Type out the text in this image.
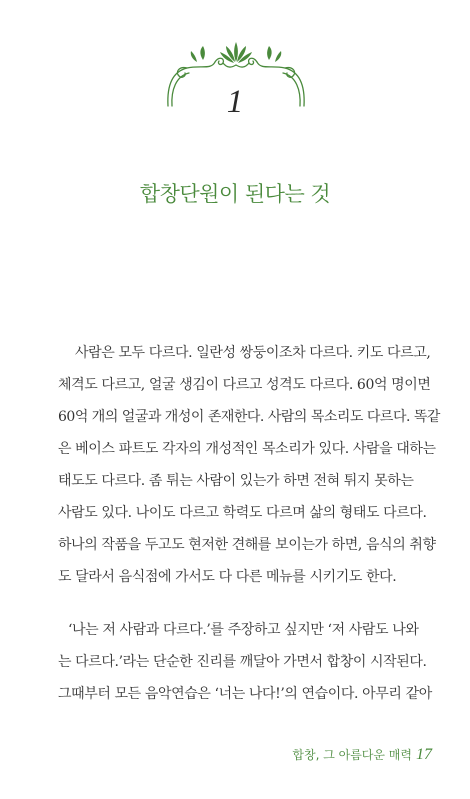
1
합창단원이 된다는 것
사람은 모두 다르다. 일란성 쌍둥이조차 다르다. 키도 다르고,
체격도 다르고, 얼굴 생김이 다르고 성격도 다르다. 60억 명이면
60억 개의 얼굴과 개성이 존재한다. 사람의 목소리도 다르다. 똑같
은 베이스 파트도 각자의 개성적인 목소리가 있다. 사람을 대하는
태도도 다르다. 좀 튀는 사람이 있는가 하면 전혀 튀지 못하는
사람도 있다. 나이도 다르고 학력도 다르며 삶의 형태도 다르다.
하나의 작품을 두고도 현저한 견해를 보이는가 하면, 음식의 취향
도 달라서 음식점에 가서도 다 다른 메뉴를 시키기도 한다.
‘나는 저 사람과 다르다.’를 주장하고 싶지만 ‘저 사람도 나와
는 다르다.’라는 단순한 진리를 깨달아 가면서 합창이 시작된다.
그때부터 모든 음악연습은 ‘너는 나다!’의 연습이다. 아무리 같아
합창, 그 아름다운 매력 17
